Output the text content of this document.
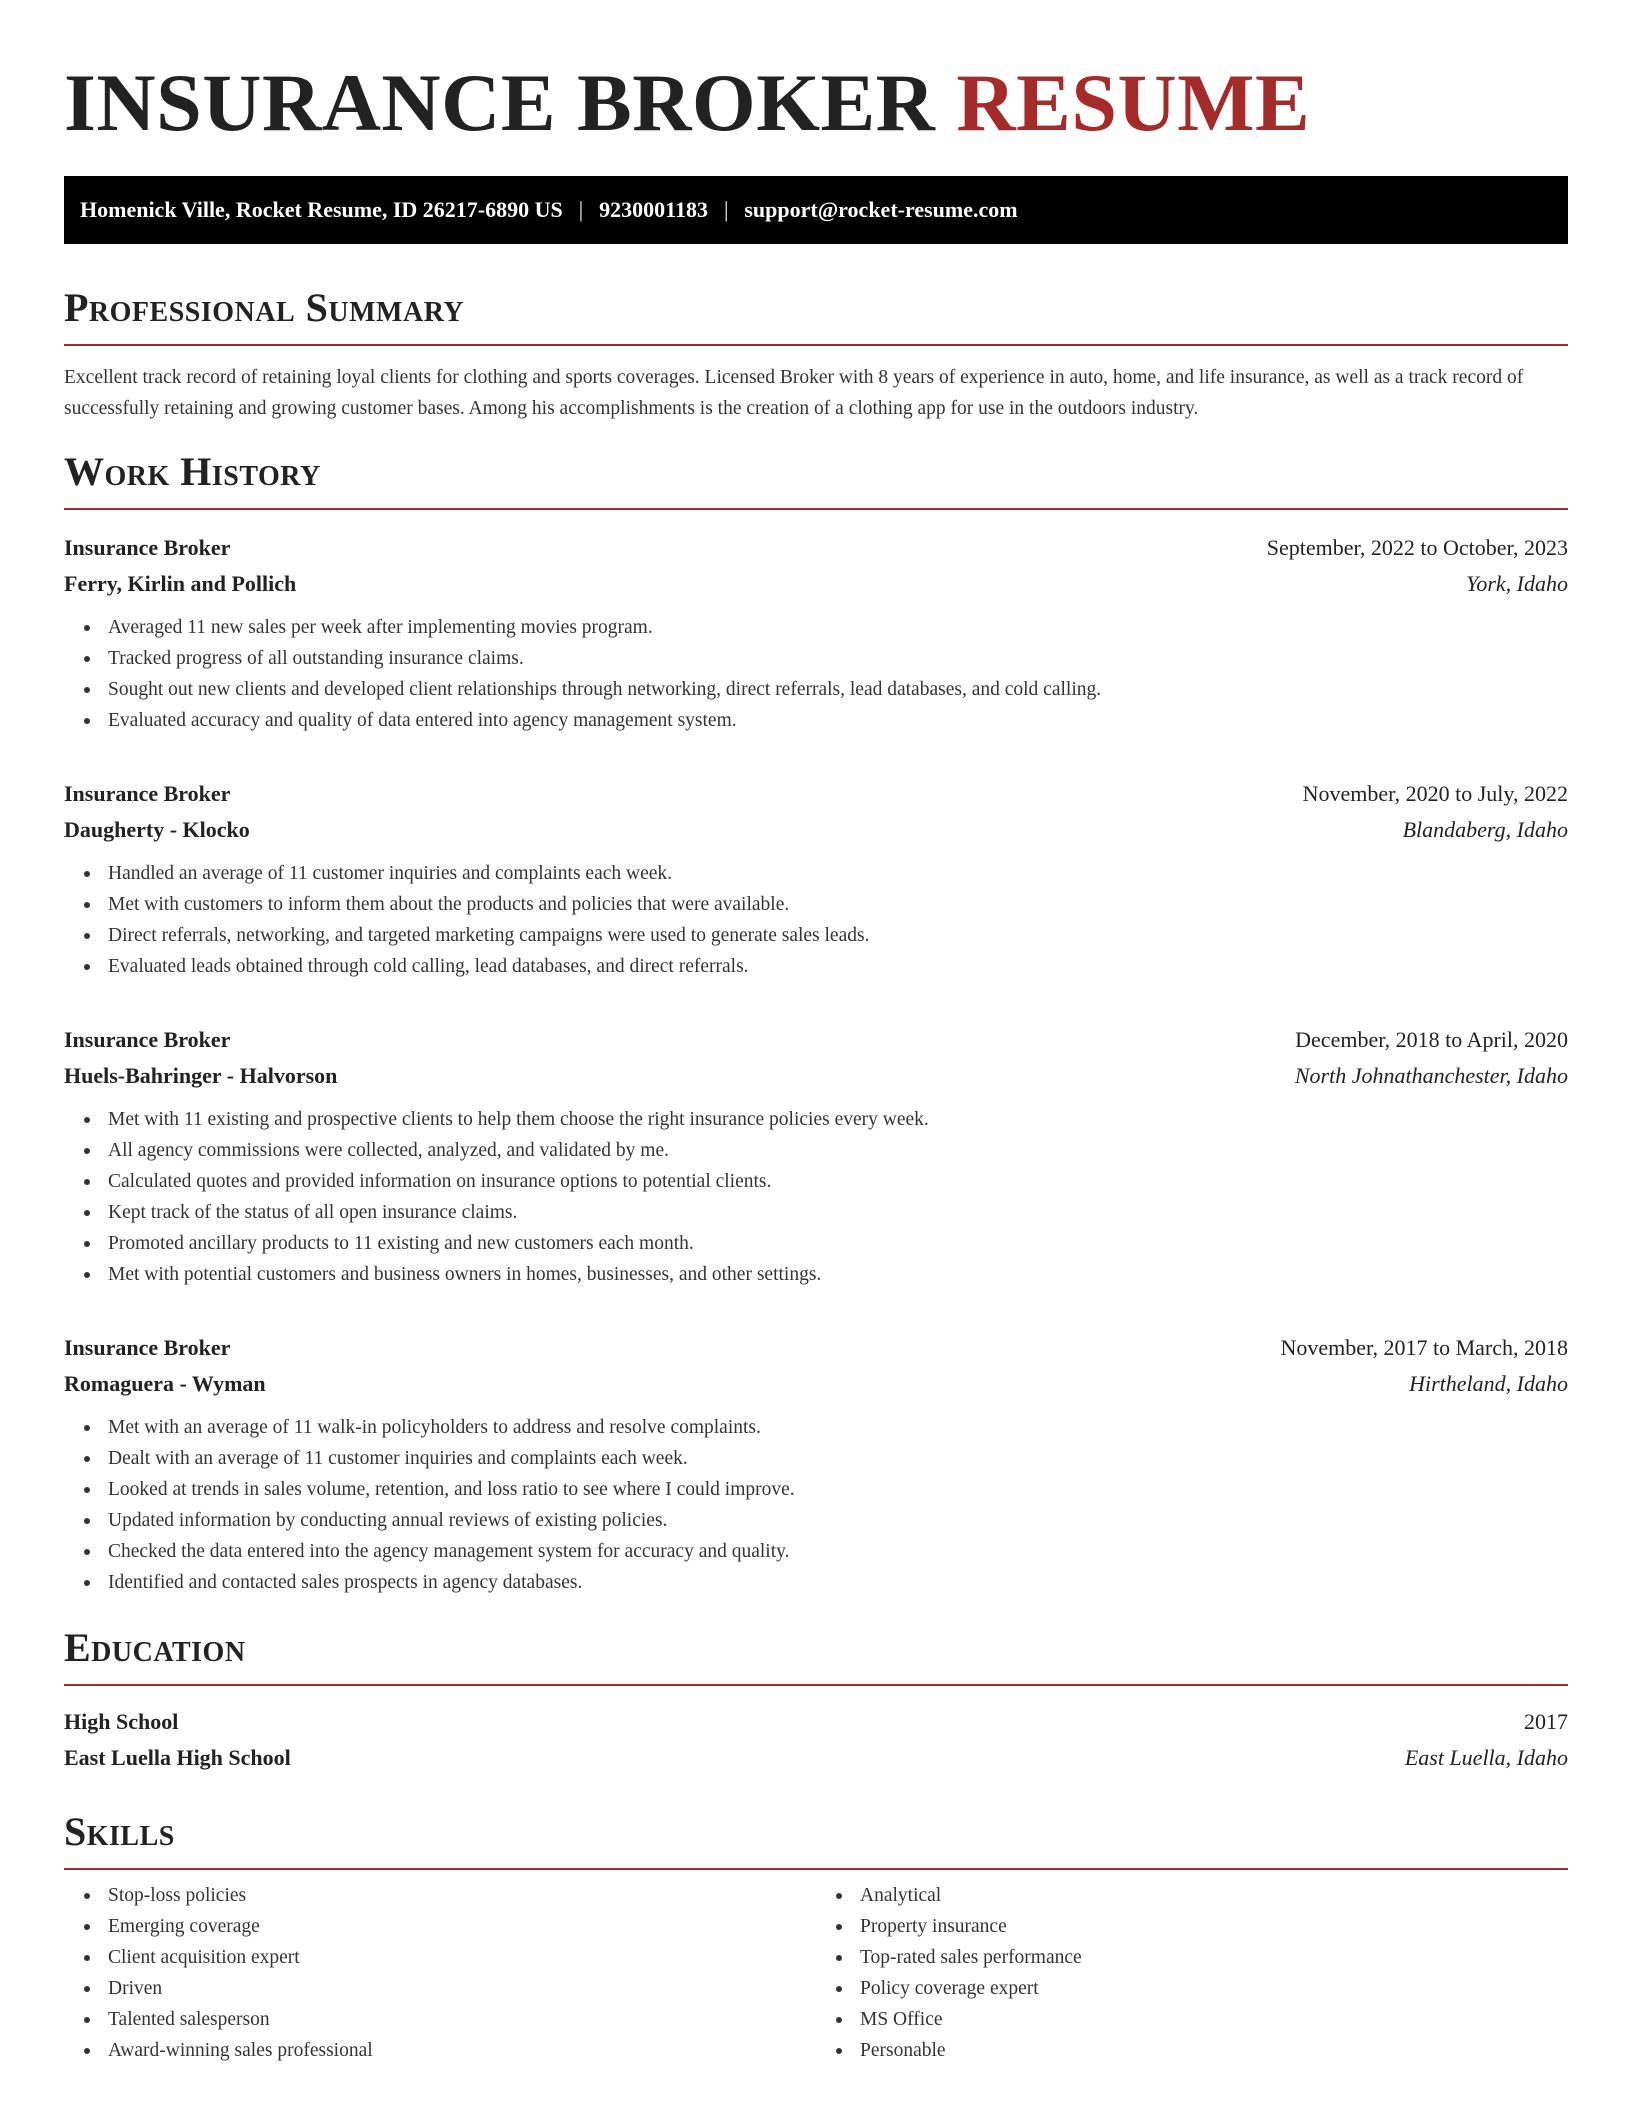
INSURANCE BROKER RESUME
Homenick Ville, Rocket Resume, ID 26217-6890 US | 9230001183 | support@rocket-resume.com
Professional Summary

Excellent track record of retaining loyal clients for clothing and sports coverages. Licensed Broker with 8 years of experience in auto, home, and life insurance, as well as a track record of successfully retaining and growing customer bases. Among his accomplishments is the creation of a clothing app for use in the outdoors industry.

Work History
Insurance Broker	September, 2022 to October, 2023
Ferry, Kirlin and Pollich	York, Idaho
Averaged 11 new sales per week after implementing movies program.
Tracked progress of all outstanding insurance claims.
Sought out new clients and developed client relationships through networking, direct referrals, lead databases, and cold calling.
Evaluated accuracy and quality of data entered into agency management system.
Insurance Broker	November, 2020 to July, 2022
Daugherty - Klocko	Blandaberg, Idaho
Handled an average of 11 customer inquiries and complaints each week.
Met with customers to inform them about the products and policies that were available.
Direct referrals, networking, and targeted marketing campaigns were used to generate sales leads.
Evaluated leads obtained through cold calling, lead databases, and direct referrals.
Insurance Broker	December, 2018 to April, 2020
Huels-Bahringer - Halvorson	North Johnathanchester, Idaho
Met with 11 existing and prospective clients to help them choose the right insurance policies every week.
All agency commissions were collected, analyzed, and validated by me.
Calculated quotes and provided information on insurance options to potential clients.
Kept track of the status of all open insurance claims.
Promoted ancillary products to 11 existing and new customers each month.
Met with potential customers and business owners in homes, businesses, and other settings.
Insurance Broker	November, 2017 to March, 2018
Romaguera - Wyman	Hirtheland, Idaho
Met with an average of 11 walk-in policyholders to address and resolve complaints.
Dealt with an average of 11 customer inquiries and complaints each week.
Looked at trends in sales volume, retention, and loss ratio to see where I could improve.
Updated information by conducting annual reviews of existing policies.
Checked the data entered into the agency management system for accuracy and quality.
Identified and contacted sales prospects in agency databases.
Education
High School	2017
East Luella High School	East Luella, Idaho
Skills
Stop-loss policies
Emerging coverage
Client acquisition expert
Driven
Talented salesperson
Award-winning sales professional
Analytical
Property insurance
Top-rated sales performance
Policy coverage expert
MS Office
Personable
